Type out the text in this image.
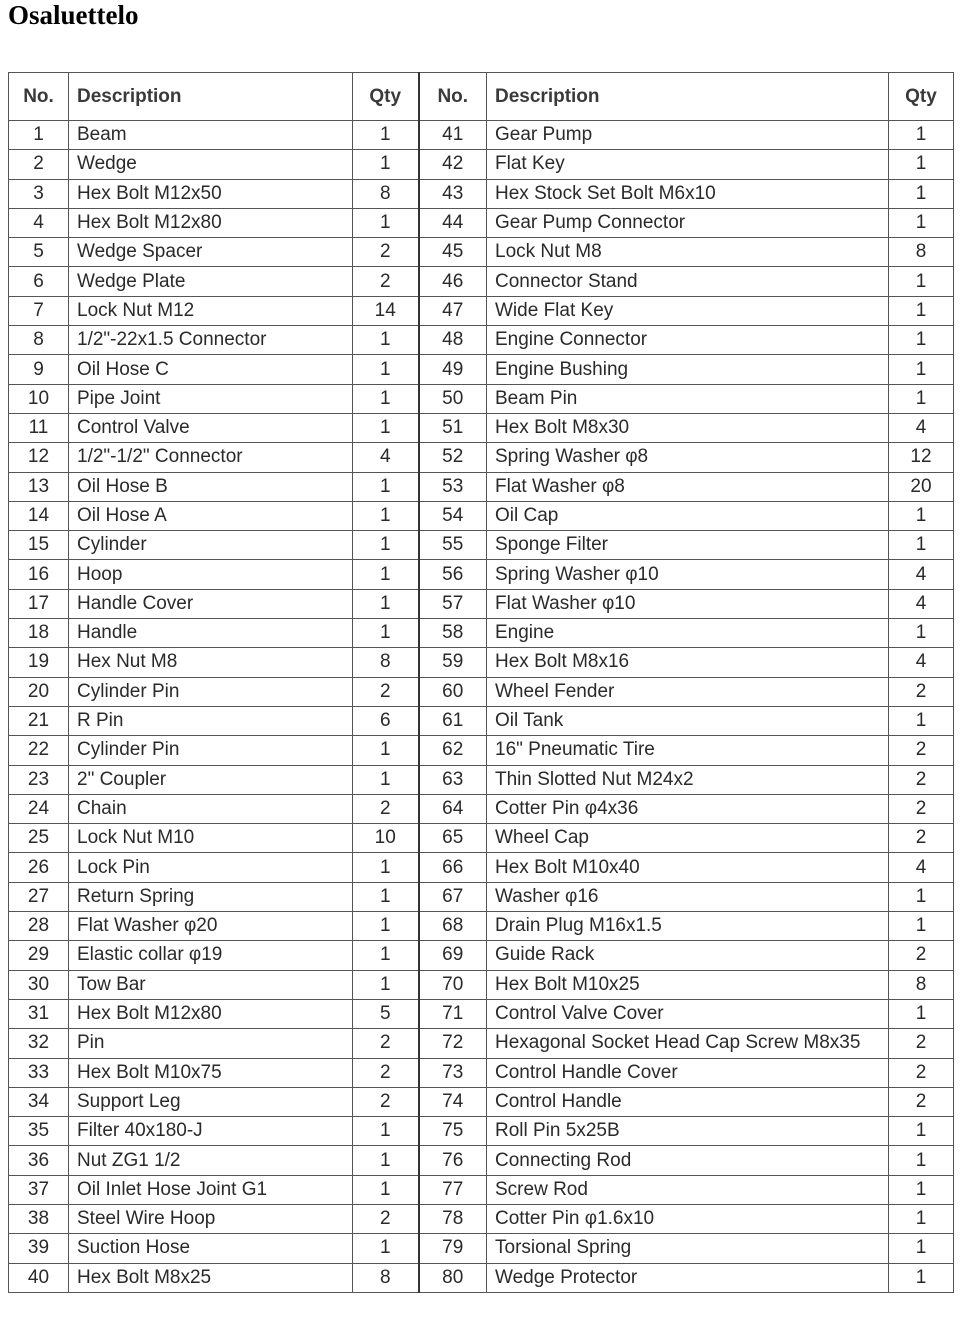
Osaluettelo
No.	Description	Qty	No.	Description	Qty
1	Beam	1	41	Gear Pump	1
2	Wedge	1	42	Flat Key	1
3	Hex Bolt M12x50	8	43	Hex Stock Set Bolt M6x10	1
4	Hex Bolt M12x80	1	44	Gear Pump Connector	1
5	Wedge Spacer	2	45	Lock Nut M8	8
6	Wedge Plate	2	46	Connector Stand	1
7	Lock Nut M12	14	47	Wide Flat Key	1
8	1/2"-22x1.5 Connector	1	48	Engine Connector	1
9	Oil Hose C	1	49	Engine Bushing	1
10	Pipe Joint	1	50	Beam Pin	1
11	Control Valve	1	51	Hex Bolt M8x30	4
12	1/2"-1/2" Connector	4	52	Spring Washer φ8	12
13	Oil Hose B	1	53	Flat Washer φ8	20
14	Oil Hose A	1	54	Oil Cap	1
15	Cylinder	1	55	Sponge Filter	1
16	Hoop	1	56	Spring Washer φ10	4
17	Handle Cover	1	57	Flat Washer φ10	4
18	Handle	1	58	Engine	1
19	Hex Nut M8	8	59	Hex Bolt M8x16	4
20	Cylinder Pin	2	60	Wheel Fender	2
21	R Pin	6	61	Oil Tank	1
22	Cylinder Pin	1	62	16" Pneumatic Tire	2
23	2" Coupler	1	63	Thin Slotted Nut M24x2	2
24	Chain	2	64	Cotter Pin φ4x36	2
25	Lock Nut M10	10	65	Wheel Cap	2
26	Lock Pin	1	66	Hex Bolt M10x40	4
27	Return Spring	1	67	Washer φ16	1
28	Flat Washer φ20	1	68	Drain Plug M16x1.5	1
29	Elastic collar φ19	1	69	Guide Rack	2
30	Tow Bar	1	70	Hex Bolt M10x25	8
31	Hex Bolt M12x80	5	71	Control Valve Cover	1
32	Pin	2	72	Hexagonal Socket Head Cap Screw M8x35	2
33	Hex Bolt M10x75	2	73	Control Handle Cover	2
34	Support Leg	2	74	Control Handle	2
35	Filter 40x180-J	1	75	Roll Pin 5x25B	1
36	Nut ZG1 1/2	1	76	Connecting Rod	1
37	Oil Inlet Hose Joint G1	1	77	Screw Rod	1
38	Steel Wire Hoop	2	78	Cotter Pin φ1.6x10	1
39	Suction Hose	1	79	Torsional Spring	1
40	Hex Bolt M8x25	8	80	Wedge Protector	1
